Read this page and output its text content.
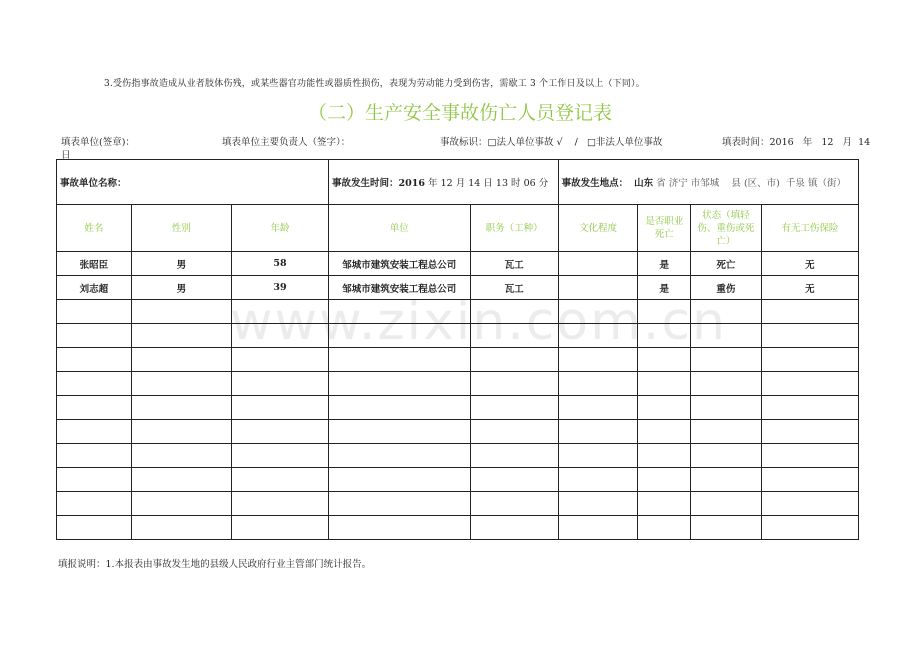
3.受伤指事故造成从业者肢体伤残，或某些器官功能性或器质性损伤，表现为劳动能力受到伤害，需歇工 3 个工作日及以上（下同）。
（二）生产安全事故伤亡人员登记表
填表单位(签章)：	填表单位主要负责人（签字）：	事故标识：□法人单位事故 √ / □非法人单位事故	填表时间：2016 年 12 月 14
日
www.zixin.com.cn
事故单位名称：			事故发生时间：2016 年 12 月 14 日 13 时 06 分		事故发生地点： 山东 省 济宁 市邹城 县 (区、市) 千泉 镇（街）			
姓名	性别	年龄	单位	职务（工种）	文化程度	是否职业死亡	状态（填轻伤、重伤或死亡）	有无工伤保险
张昭臣	男	58	邹城市建筑安装工程总公司	瓦工		是	死亡	无
刘志超	男	39	邹城市建筑安装工程总公司	瓦工		是	重伤	无

填报说明：1.本报表由事故发生地的县级人民政府行业主管部门统计报告。
